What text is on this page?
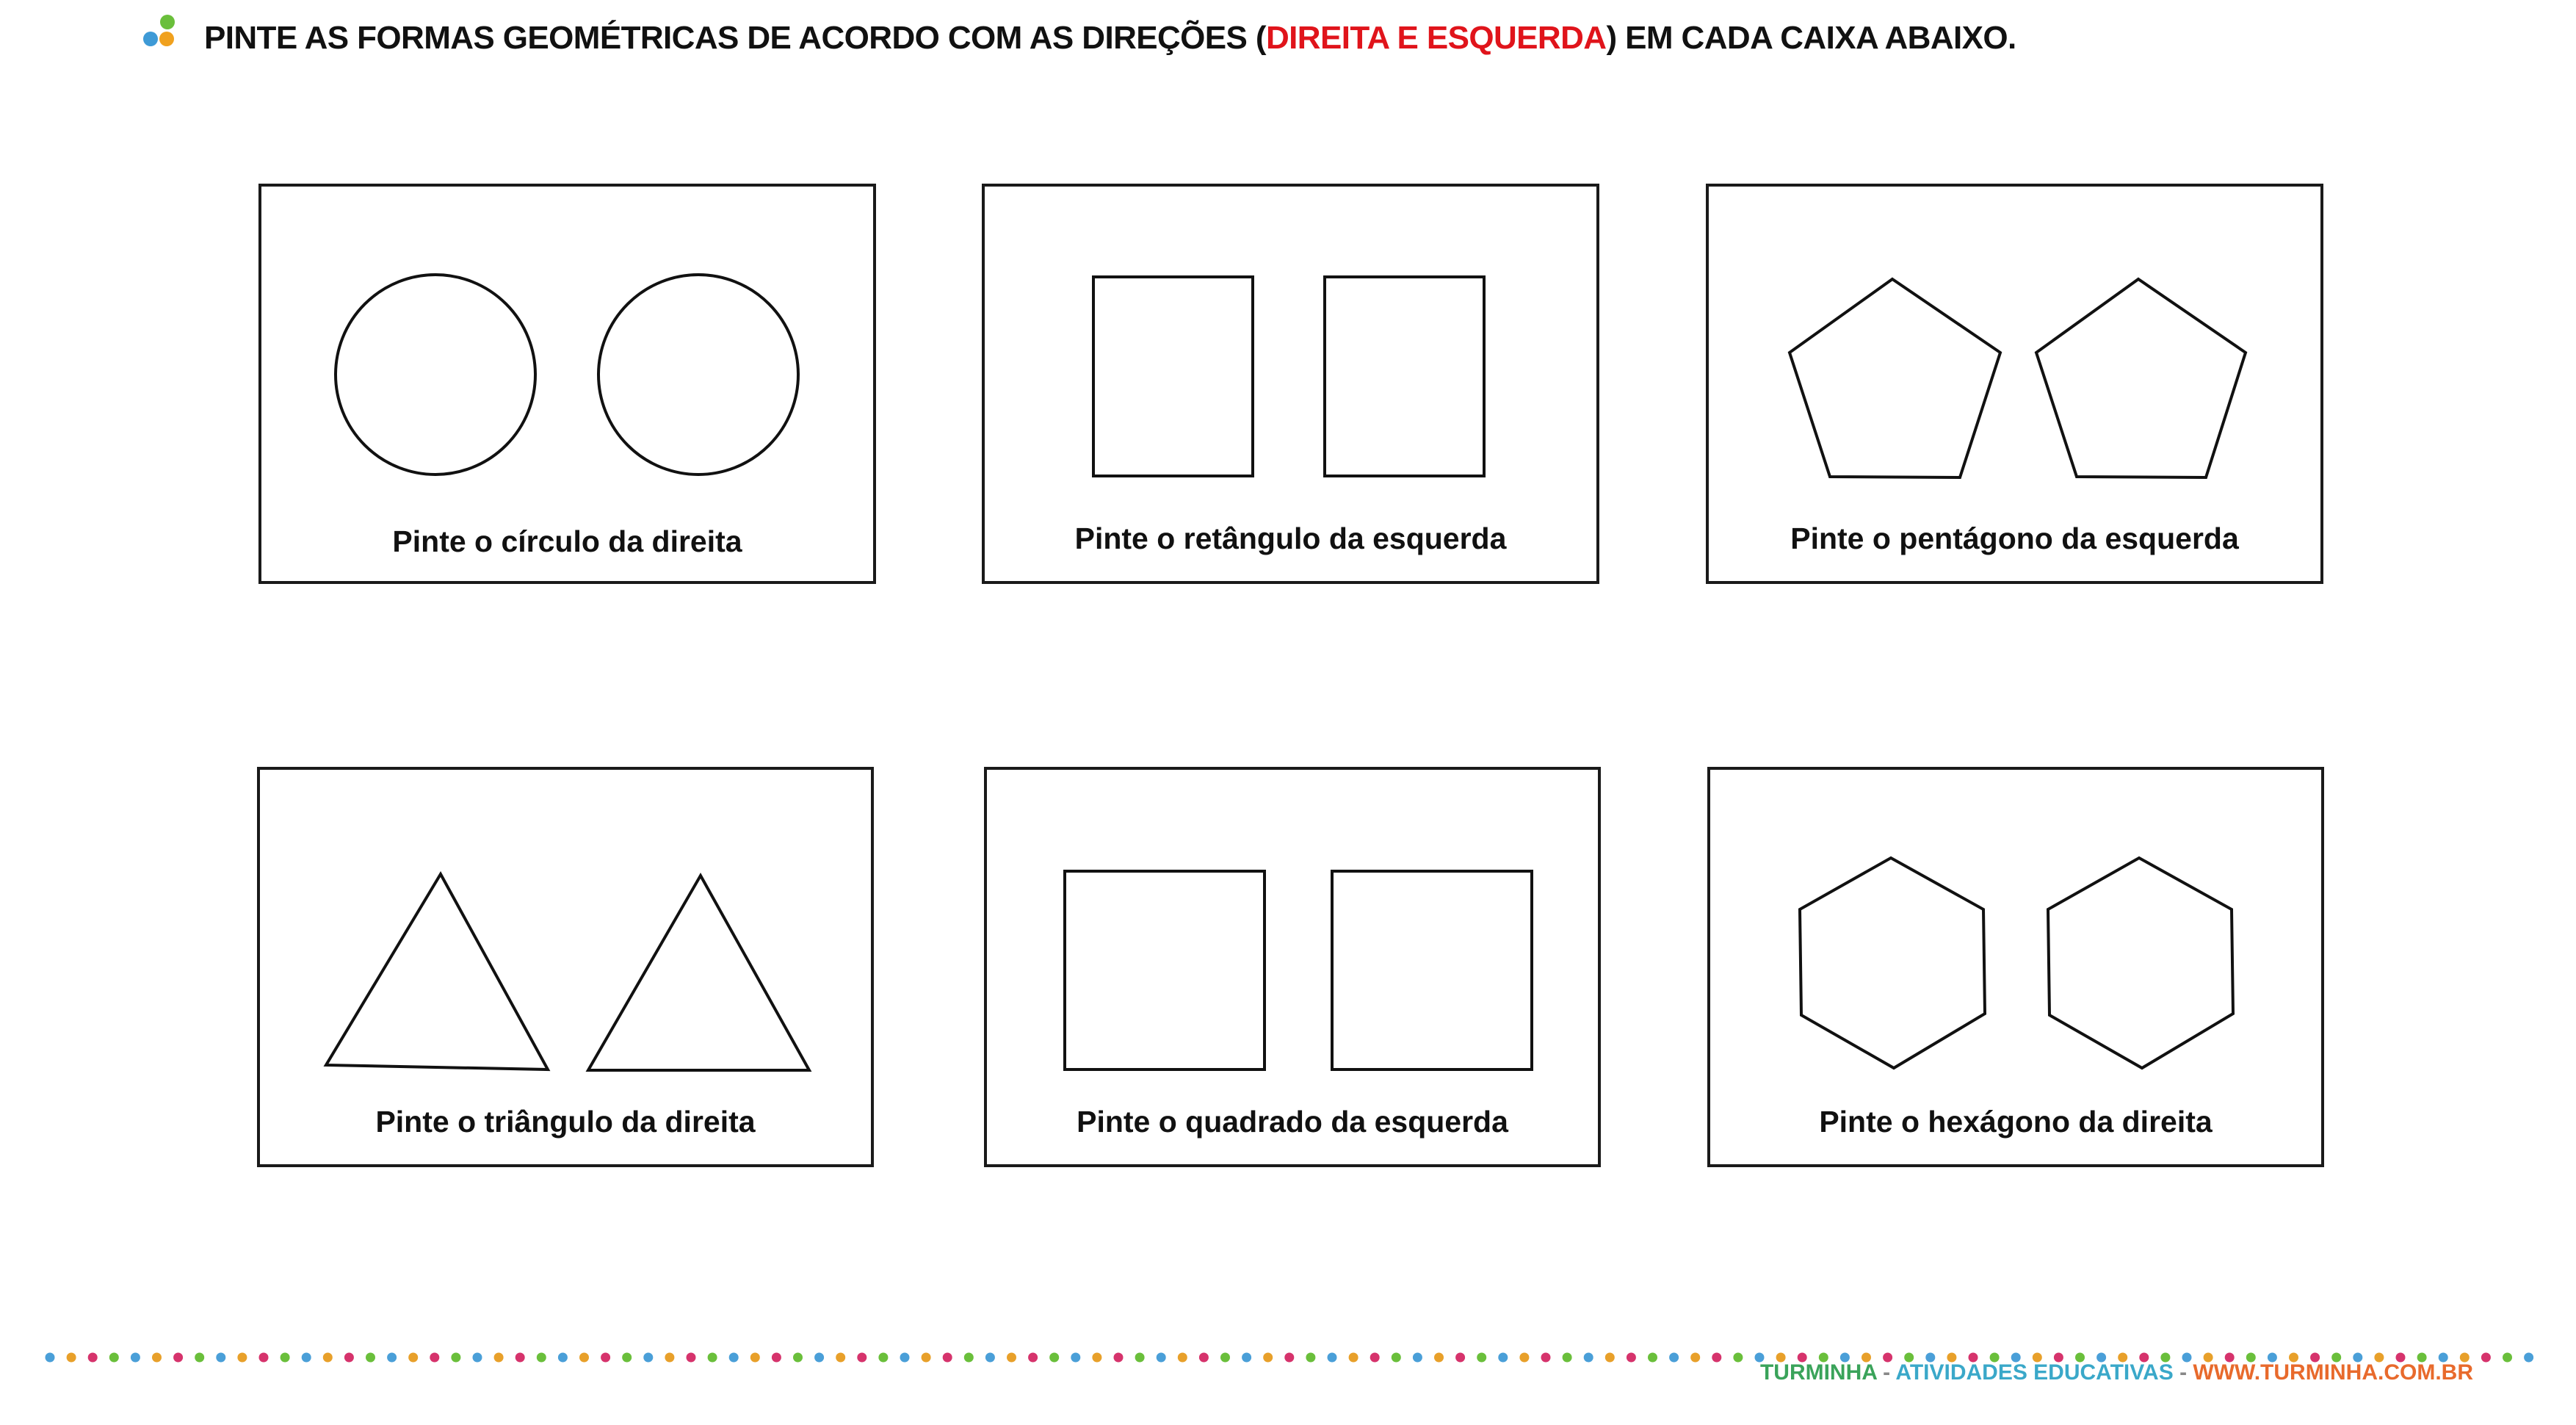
PINTE AS FORMAS GEOMÉTRICAS DE ACORDO COM AS DIREÇÕES (DIREITA E ESQUERDA) EM CADA CAIXA ABAIXO.
Pinte o círculo da direita	Pinte o retângulo da esquerda	Pinte o pentágono da esquerda
Pinte o triângulo da direita	Pinte o quadrado da esquerda	Pinte o hexágono da direita
TURMINHA - ATIVIDADES EDUCATIVAS - WWW.TURMINHA.COM.BR
